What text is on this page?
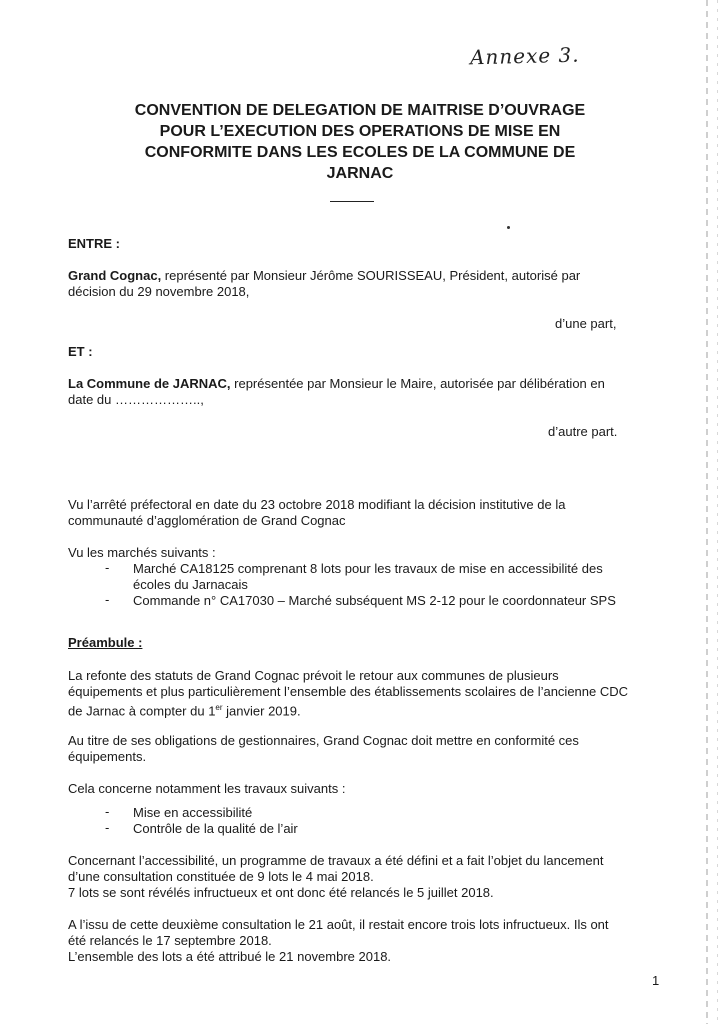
Annexe 3.
CONVENTION DE DELEGATION DE MAITRISE D’OUVRAGE
POUR L’EXECUTION DES OPERATIONS DE MISE EN
CONFORMITE DANS LES ECOLES DE LA COMMUNE DE
JARNAC
ENTRE :
Grand Cognac, représenté par Monsieur Jérôme SOURISSEAU, Président, autorisé par
décision du 29 novembre 2018,
d’une part,
ET :
La Commune de JARNAC, représentée par Monsieur le Maire, autorisée par délibération en
date du ………………..,
d’autre part.
Vu l’arrêté préfectoral en date du 23 octobre 2018 modifiant la décision institutive de la
communauté d’agglomération de Grand Cognac
Vu les marchés suivants :
- Marché CA18125 comprenant 8 lots pour les travaux de mise en accessibilité des
écoles du Jarnacais
- Commande n° CA17030 – Marché subséquent MS 2-12 pour le coordonnateur SPS
Préambule :
La refonte des statuts de Grand Cognac prévoit le retour aux communes de plusieurs
équipements et plus particulièrement l’ensemble des établissements scolaires de l’ancienne CDC
de Jarnac à compter du 1er janvier 2019.
Au titre de ses obligations de gestionnaires, Grand Cognac doit mettre en conformité ces
équipements.
Cela concerne notamment les travaux suivants :
- Mise en accessibilité
- Contrôle de la qualité de l’air
Concernant l’accessibilité, un programme de travaux a été défini et a fait l’objet du lancement
d’une consultation constituée de 9 lots le 4 mai 2018.
7 lots se sont révélés infructueux et ont donc été relancés le 5 juillet 2018.
A l’issu de cette deuxième consultation le 21 août, il restait encore trois lots infructueux. Ils ont
été relancés le 17 septembre 2018.
L’ensemble des lots a été attribué le 21 novembre 2018.
1
